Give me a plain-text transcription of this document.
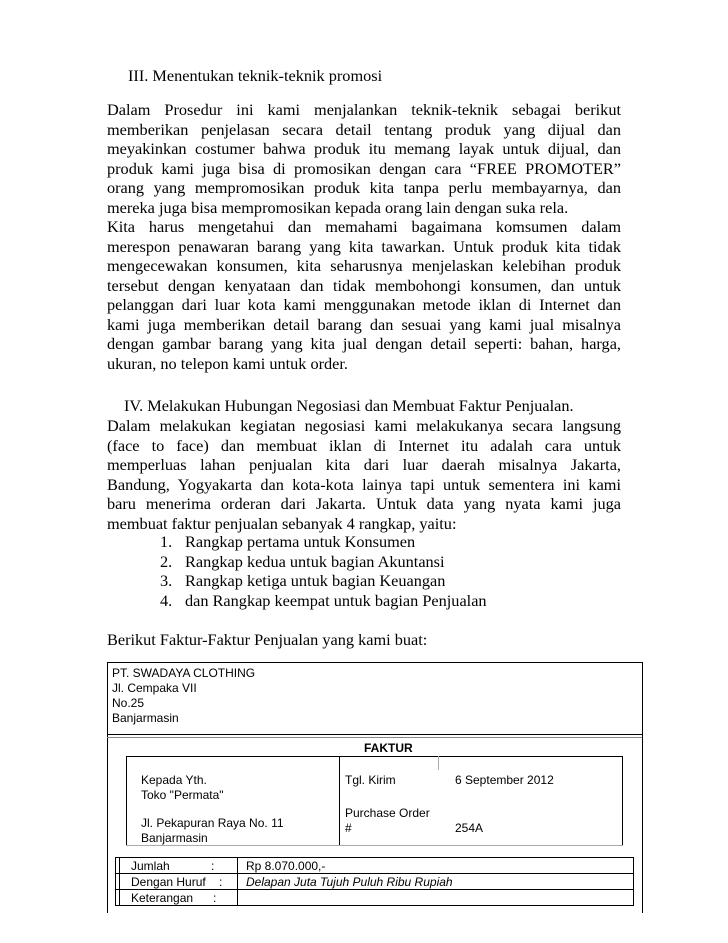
III. Menentukan teknik-teknik promosi
Dalam Prosedur ini kami menjalankan teknik-teknik sebagai berikut
memberikan penjelasan secara detail tentang produk yang dijual dan
meyakinkan costumer bahwa produk itu memang layak untuk dijual, dan
produk kami juga bisa di promosikan dengan cara “FREE PROMOTER”
orang yang mempromosikan produk kita tanpa perlu membayarnya, dan
mereka juga bisa mempromosikan kepada orang lain dengan suka rela.
Kita harus mengetahui dan memahami bagaimana komsumen dalam
merespon penawaran barang yang kita tawarkan. Untuk produk kita tidak
mengecewakan konsumen, kita seharusnya menjelaskan kelebihan produk
tersebut dengan kenyataan dan tidak membohongi konsumen, dan untuk
pelanggan dari luar kota kami menggunakan metode iklan di Internet dan
kami juga memberikan detail barang dan sesuai yang kami jual misalnya
dengan gambar barang yang kita jual dengan detail seperti: bahan, harga,
ukuran, no telepon kami untuk order.
IV. Melakukan Hubungan Negosiasi dan Membuat Faktur Penjualan.
Dalam melakukan kegiatan negosiasi kami melakukanya secara langsung
(face to face) dan membuat iklan di Internet itu adalah cara untuk
memperluas lahan penjualan kita dari luar daerah misalnya Jakarta,
Bandung, Yogyakarta dan kota-kota lainya tapi untuk sementera ini kami
baru menerima orderan dari Jakarta. Untuk data yang nyata kami juga
membuat faktur penjualan sebanyak 4 rangkap, yaitu:
1. Rangkap pertama untuk Konsumen
2. Rangkap kedua untuk bagian Akuntansi
3. Rangkap ketiga untuk bagian Keuangan
4. dan Rangkap keempat untuk bagian Penjualan
Berikut Faktur-Faktur Penjualan yang kami buat:
PT. SWADAYA CLOTHING
Jl. Cempaka VII
No.25
Banjarmasin
FAKTUR
Kepada Yth.
Toko "Permata"
Jl. Pekapuran Raya No. 11
Banjarmasin
Tgl. Kirim	6 September 2012
Purchase Order
#	254A
Jumlah	:	Rp 8.070.000,-
Dengan Huruf : Delapan Juta Tujuh Puluh Ribu Rupiah
Keterangan :
